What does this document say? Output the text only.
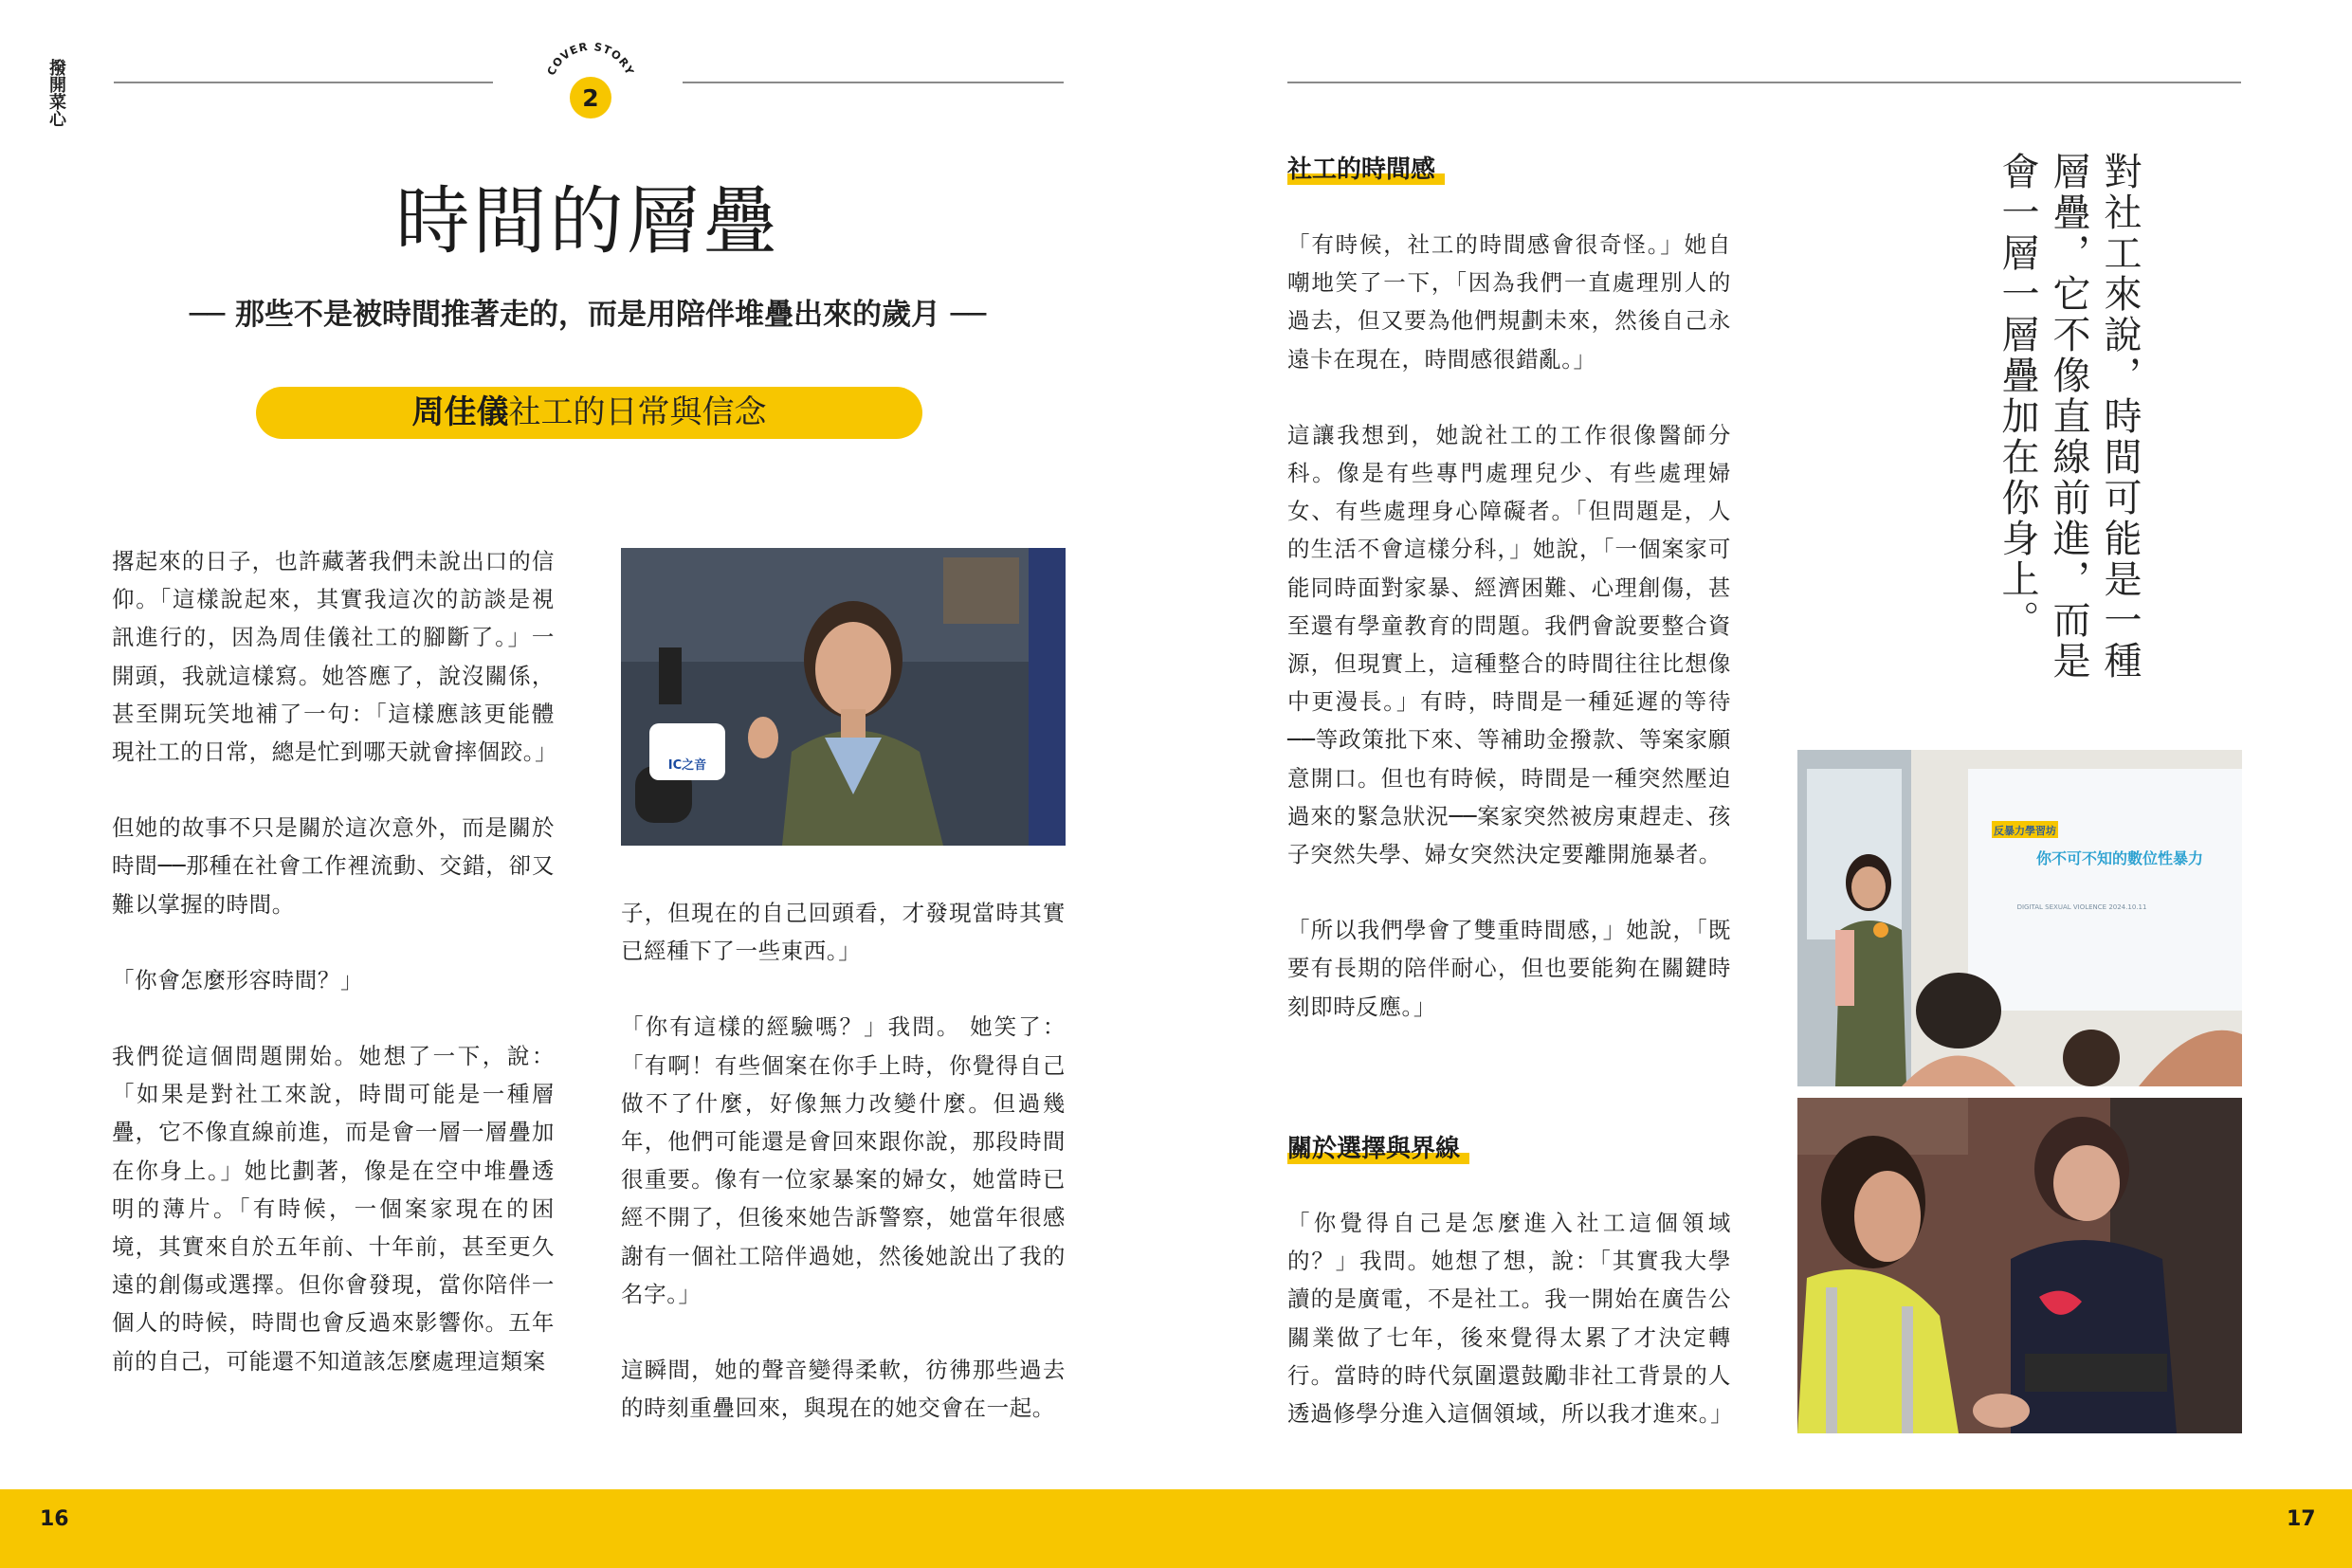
撥開菜心	COVER STORY
2
時間的層疊
── 那些不是被時間推著走的，而是用陪伴堆疊出來的歲月 ──
周佳儀社工的日常與信念

撂起來的日子，也許藏著我們未說出口的信仰。「這樣說起來，其實我這次的訪談是視訊進行的，因為周佳儀社工的腳斷了。」一開頭，我就這樣寫。她答應了，說沒關係，甚至開玩笑地補了一句：「這樣應該更能體現社工的日常，總是忙到哪天就會摔個跤。」

但她的故事不只是關於這次意外，而是關於時間──那種在社會工作裡流動、交錯，卻又難以掌握的時間。

「你會怎麼形容時間？」

我們從這個問題開始。她想了一下，說：「如果是對社工來說，時間可能是一種層疊，它不像直線前進，而是會一層一層疊加在你身上。」她比劃著，像是在空中堆疊透明的薄片。「有時候，一個案家現在的困境，其實來自於五年前、十年前，甚至更久遠的創傷或選擇。但你會發現，當你陪伴一個人的時候，時間也會反過來影響你。五年前的自己，可能還不知道該怎麼處理這類案

IC之音

子，但現在的自己回頭看，才發現當時其實已經種下了一些東西。」

「你有這樣的經驗嗎？」我問。 她笑了：「有啊！有些個案在你手上時，你覺得自己做不了什麼，好像無力改變什麼。但過幾年，他們可能還是會回來跟你說，那段時間很重要。像有一位家暴案的婦女，她當時已經不開了，但後來她告訴警察，她當年很感謝有一個社工陪伴過她，然後她說出了我的名字。」

這瞬間，她的聲音變得柔軟，彷彿那些過去的時刻重疊回來，與現在的她交會在一起。

社工的時間感

「有時候，社工的時間感會很奇怪。」她自嘲地笑了一下，「因為我們一直處理別人的過去，但又要為他們規劃未來，然後自己永遠卡在現在，時間感很錯亂。」

這讓我想到，她說社工的工作很像醫師分科。像是有些專門處理兒少、有些處理婦女、有些處理身心障礙者。「但問題是，人的生活不會這樣分科，」她說，「一個案家可能同時面對家暴、經濟困難、心理創傷，甚至還有學童教育的問題。我們會說要整合資源，但現實上，這種整合的時間往往比想像中更漫長。」有時，時間是一種延遲的等待──等政策批下來、等補助金撥款、等案家願意開口。但也有時候，時間是一種突然壓迫過來的緊急狀況──案家突然被房東趕走、孩子突然失學、婦女突然決定要離開施暴者。

「所以我們學會了雙重時間感，」她說，「既要有長期的陪伴耐心，但也要能夠在關鍵時刻即時反應。」

關於選擇與界線

「你覺得自己是怎麼進入社工這個領域的？」我問。她想了想，說：「其實我大學讀的是廣電，不是社工。我一開始在廣告公關業做了七年，後來覺得太累了才決定轉行。當時的時代氛圍還鼓勵非社工背景的人透過修學分進入這個領域，所以我才進來。」

對社工來說，時間可能是一種層疊，它不像直線前進，而是會一層一層疊加在你身上。
反暴力學習坊
你不可不知的數位性暴力
DIGITAL SEXUAL VIOLENCE 2024.10.11
16	17
